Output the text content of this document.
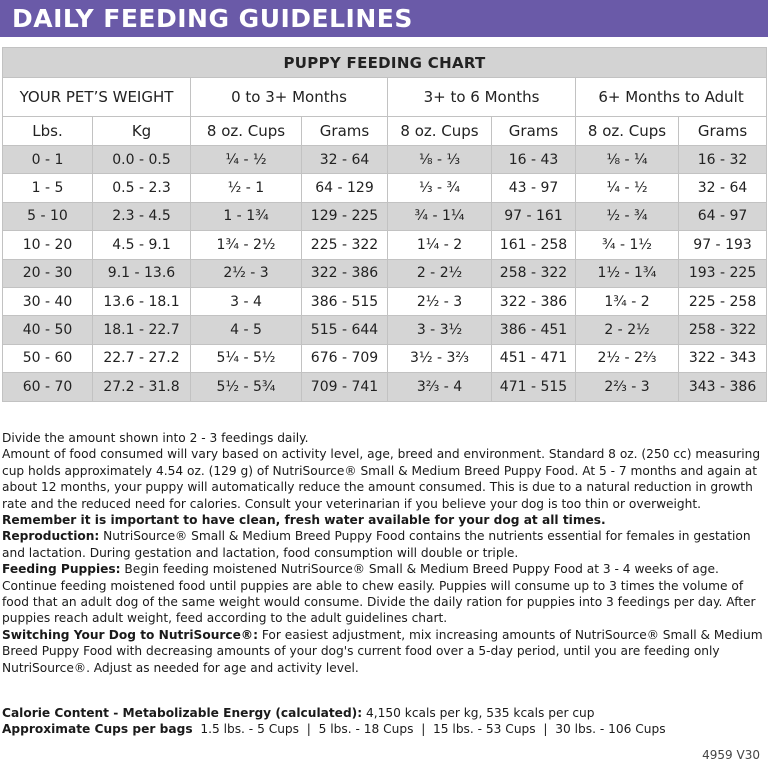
DAILY FEEDING GUIDELINES
PUPPY FEEDING CHART							
YOUR PET’S WEIGHT		0 to 3+ Months		3+ to 6 Months		6+ Months to Adult	
Lbs.	Kg	8 oz. Cups	Grams	8 oz. Cups	Grams	8 oz. Cups	Grams
0 - 1	0.0 - 0.5	¼ - ½	32 - 64	⅛ - ⅓	16 - 43	⅛ - ¼	16 - 32
1 - 5	0.5 - 2.3	½ - 1	64 - 129	⅓ - ¾	43 - 97	¼ - ½	32 - 64
5 - 10	2.3 - 4.5	1 - 1¾	129 - 225	¾ - 1¼	97 - 161	½ - ¾	64 - 97
10 - 20	4.5 - 9.1	1¾ - 2½	225 - 322	1¼ - 2	161 - 258	¾ - 1½	97 - 193
20 - 30	9.1 - 13.6	2½ - 3	322 - 386	2 - 2½	258 - 322	1½ - 1¾	193 - 225
30 - 40	13.6 - 18.1	3 - 4	386 - 515	2½ - 3	322 - 386	1¾ - 2	225 - 258
40 - 50	18.1 - 22.7	4 - 5	515 - 644	3 - 3½	386 - 451	2 - 2½	258 - 322
50 - 60	22.7 - 27.2	5¼ - 5½	676 - 709	3½ - 3⅔	451 - 471	2½ - 2⅔	322 - 343
60 - 70	27.2 - 31.8	5½ - 5¾	709 - 741	3⅔ - 4	471 - 515	2⅔ - 3	343 - 386

Divide the amount shown into 2 - 3 feedings daily.

Amount of food consumed will vary based on activity level, age, breed and environment. Standard 8 oz. (250 cc) measuring cup holds approximately 4.54 oz. (129 g) of NutriSource® Small & Medium Breed Puppy Food. At 5 - 7 months and again at about 12 months, your puppy will automatically reduce the amount consumed. This is due to a natural reduction in growth rate and the reduced need for calories. Consult your veterinarian if you believe your dog is too thin or overweight.

Remember it is important to have clean, fresh water available for your dog at all times.

Reproduction: NutriSource® Small & Medium Breed Puppy Food contains the nutrients essential for females in gestation and lactation. During gestation and lactation, food consumption will double or triple.

Feeding Puppies: Begin feeding moistened NutriSource® Small & Medium Breed Puppy Food at 3 - 4 weeks of age. Continue feeding moistened food until puppies are able to chew easily. Puppies will consume up to 3 times the volume of food that an adult dog of the same weight would consume. Divide the daily ration for puppies into 3 feedings per day. After puppies reach adult weight, feed according to the adult guidelines chart.

Switching Your Dog to NutriSource®: For easiest adjustment, mix increasing amounts of NutriSource® Small & Medium Breed Puppy Food with decreasing amounts of your dog's current food over a 5-day period, until you are feeding only NutriSource®. Adjust as needed for age and activity level.

Calorie Content - Metabolizable Energy (calculated): 4,150 kcals per kg, 535 kcals per cup

Approximate Cups per bags  1.5 lbs. - 5 Cups  |  5 lbs. - 18 Cups  |  15 lbs. - 53 Cups  |  30 lbs. - 106 Cups

4959 V30
